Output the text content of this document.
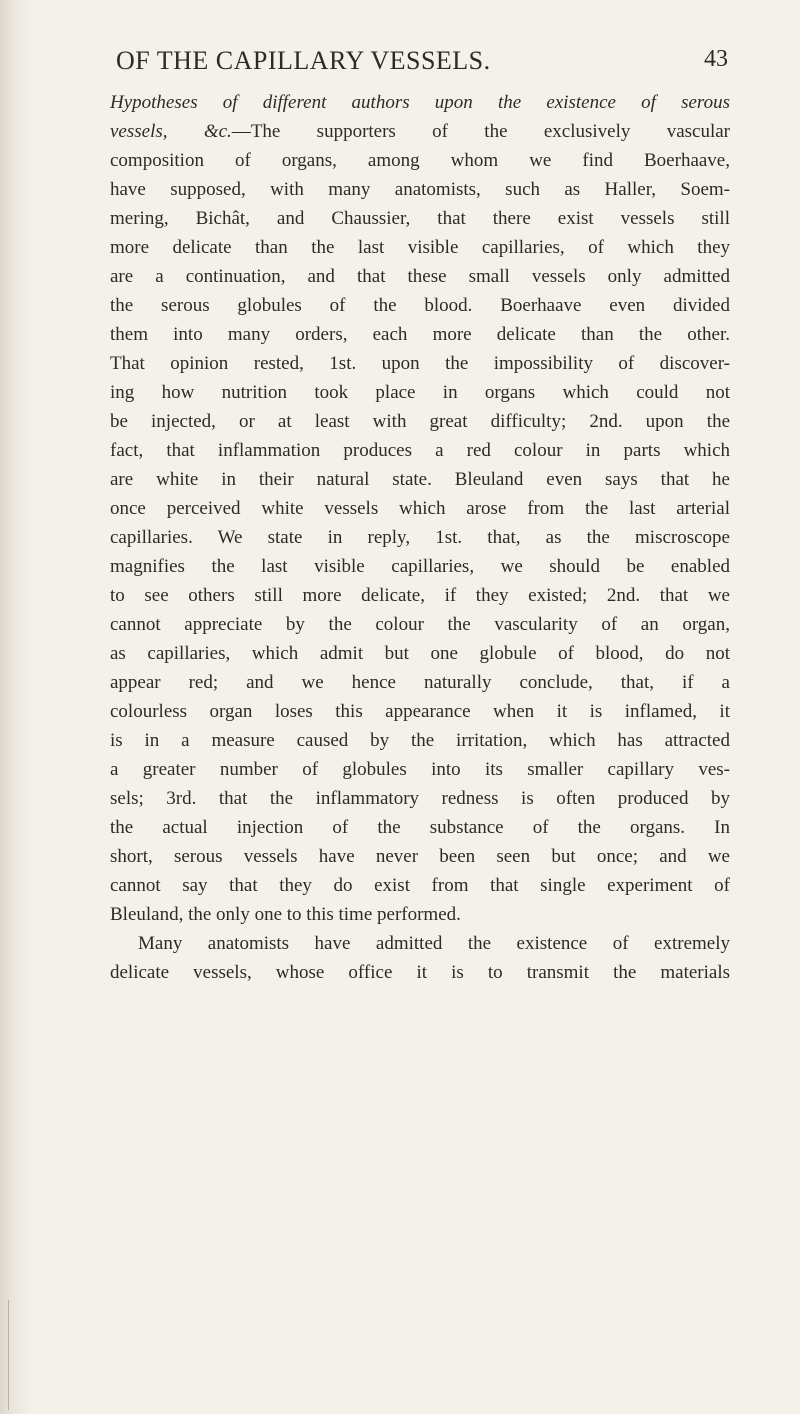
OF THE CAPILLARY VESSELS.	43
Hypotheses of different authors upon the existence of serous
vessels, &c.—The supporters of the exclusively vascular
composition of organs, among whom we find Boerhaave,
have supposed, with many anatomists, such as Haller, Soem-
mering, Bichât, and Chaussier, that there exist vessels still
more delicate than the last visible capillaries, of which they
are a continuation, and that these small vessels only admitted
the serous globules of the blood. Boerhaave even divided
them into many orders, each more delicate than the other.
That opinion rested, 1st. upon the impossibility of discover-
ing how nutrition took place in organs which could not
be injected, or at least with great difficulty; 2nd. upon the
fact, that inflammation produces a red colour in parts which
are white in their natural state. Bleuland even says that he
once perceived white vessels which arose from the last arterial
capillaries. We state in reply, 1st. that, as the miscroscope
magnifies the last visible capillaries, we should be enabled
to see others still more delicate, if they existed; 2nd. that we
cannot appreciate by the colour the vascularity of an organ,
as capillaries, which admit but one globule of blood, do not
appear red; and we hence naturally conclude, that, if a
colourless organ loses this appearance when it is inflamed, it
is in a measure caused by the irritation, which has attracted
a greater number of globules into its smaller capillary ves-
sels; 3rd. that the inflammatory redness is often produced by
the actual injection of the substance of the organs. In
short, serous vessels have never been seen but once; and we
cannot say that they do exist from that single experiment of
Bleuland, the only one to this time performed.
Many anatomists have admitted the existence of extremely
delicate vessels, whose office it is to transmit the materials
